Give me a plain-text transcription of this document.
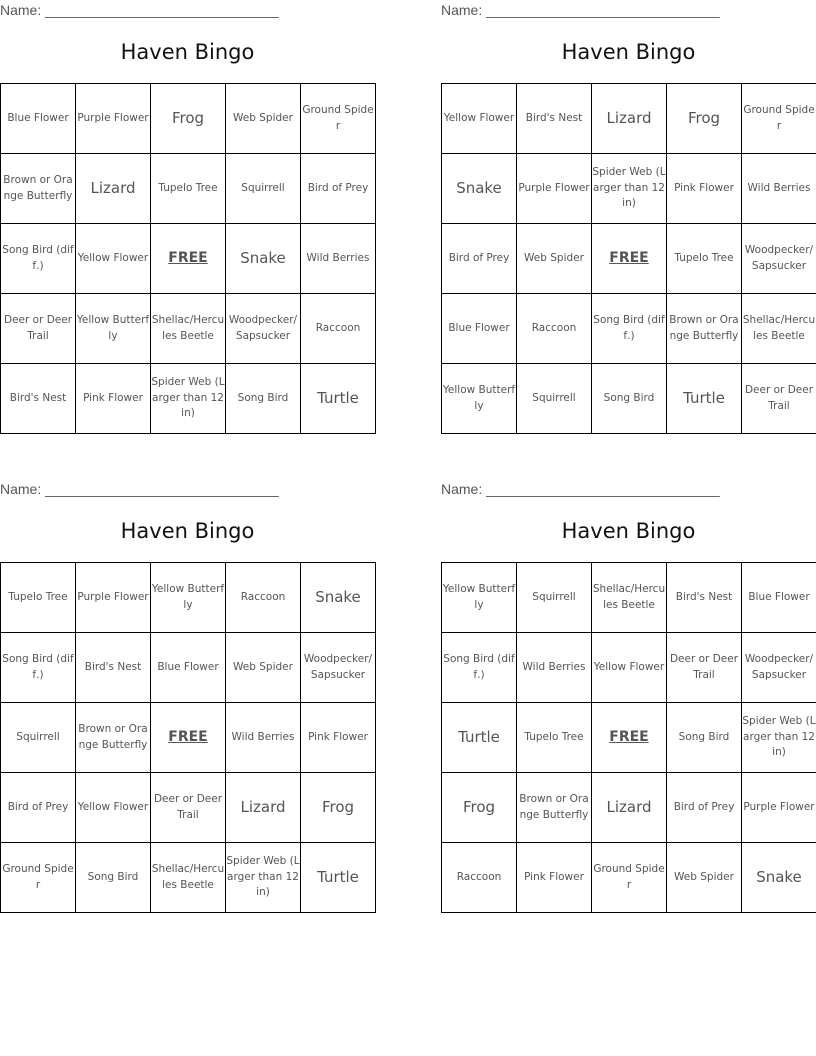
Name: ______________________________
Haven Bingo
Blue Flower	Purple Flower	Frog	Web Spider	Ground Spider
Brown or Orange Butterfly	Lizard	Tupelo Tree	Squirrell	Bird of Prey
Song Bird (diff.)	Yellow Flower	FREE	Snake	Wild Berries
Deer or Deer Trail	Yellow Butterfly	Shellac/Hercules Beetle	Woodpecker/ Sapsucker	Raccoon
Bird's Nest	Pink Flower	Spider Web (Larger than 12in)	Song Bird	Turtle
Name: ______________________________
Haven Bingo
Yellow Flower	Bird's Nest	Lizard	Frog	Ground Spider
Snake	Purple Flower	Spider Web (Larger than 12in)	Pink Flower	Wild Berries
Bird of Prey	Web Spider	FREE	Tupelo Tree	Woodpecker/ Sapsucker
Blue Flower	Raccoon	Song Bird (diff.)	Brown or Orange Butterfly	Shellac/Hercules Beetle
Yellow Butterfly	Squirrell	Song Bird	Turtle	Deer or Deer Trail
Name: ______________________________
Haven Bingo
Tupelo Tree	Purple Flower	Yellow Butterfly	Raccoon	Snake
Song Bird (diff.)	Bird's Nest	Blue Flower	Web Spider	Woodpecker/ Sapsucker
Squirrell	Brown or Orange Butterfly	FREE	Wild Berries	Pink Flower
Bird of Prey	Yellow Flower	Deer or Deer Trail	Lizard	Frog
Ground Spider	Song Bird	Shellac/Hercules Beetle	Spider Web (Larger than 12in)	Turtle
Name: ______________________________
Haven Bingo
Yellow Butterfly	Squirrell	Shellac/Hercules Beetle	Bird's Nest	Blue Flower
Song Bird (diff.)	Wild Berries	Yellow Flower	Deer or Deer Trail	Woodpecker/ Sapsucker
Turtle	Tupelo Tree	FREE	Song Bird	Spider Web (Larger than 12in)
Frog	Brown or Orange Butterfly	Lizard	Bird of Prey	Purple Flower
Raccoon	Pink Flower	Ground Spider	Web Spider	Snake
